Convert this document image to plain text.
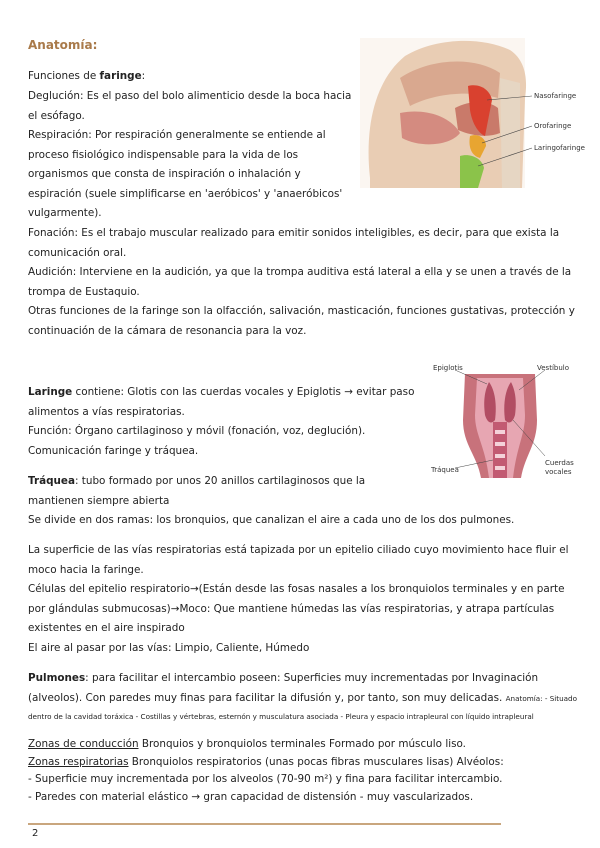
Anatomía:
Funciones de faringe:
Deglución: Es el paso del bolo alimenticio desde la boca hacia
el esófago.
Respiración: Por respiración generalmente se entiende al
proceso fisiológico indispensable para la vida de los
organismos que consta de inspiración o inhalación y
espiración (suele simplificarse en 'aeróbicos' y 'anaeróbicos'
vulgarmente).
Fonación: Es el trabajo muscular realizado para emitir sonidos inteligibles, es decir, para que exista la
comunicación oral.
Audición: Interviene en la audición, ya que la trompa auditiva está lateral a ella y se unen a través de la
trompa de Eustaquio.
Otras funciones de la faringe son la olfacción, salivación, masticación, funciones gustativas, protección y
continuación de la cámara de resonancia para la voz.
Nasofaringe
Orofaringe
Laringofaringe
Epiglotis	Vestíbulo
Tráquea
Cuerdas
vocales
Laringe contiene: Glotis con las cuerdas vocales y Epiglotis → evitar paso
alimentos a vías respiratorias.
Función: Órgano cartilaginoso y móvil (fonación, voz, deglución).
Comunicación faringe y tráquea.
Tráquea: tubo formado por unos 20 anillos cartilaginosos que la
mantienen siempre abierta
Se divide en dos ramas: los bronquios, que canalizan el aire a cada uno de los dos pulmones.
La superficie de las vías respiratorias está tapizada por un epitelio ciliado cuyo movimiento hace fluir el
moco hacia la faringe.
Células del epitelio respiratorio→(Están desde las fosas nasales a los bronquiolos terminales y en parte
por glándulas submucosas)→Moco: Que mantiene húmedas las vías respiratorias, y atrapa partículas
existentes en el aire inspirado
El aire al pasar por las vías: Limpio, Caliente, Húmedo
Pulmones: para facilitar el intercambio poseen: Superficies muy incrementadas por Invaginación
(alveolos). Con paredes muy finas para facilitar la difusión y, por tanto, son muy delicadas. Anatomía: - Situado
dentro de la cavidad toráxica - Costillas y vértebras, esternón y musculatura asociada - Pleura y espacio intrapleural con líquido intrapleural
Zonas de conducción Bronquios y bronquiolos terminales Formado por músculo liso.
Zonas respiratorias Bronquiolos respiratorios (unas pocas fibras musculares lisas) Alvéolos:
- Superficie muy incrementada por los alveolos (70-90 m²) y fina para facilitar intercambio.
- Paredes con material elástico → gran capacidad de distensión - muy vascularizados.
2
